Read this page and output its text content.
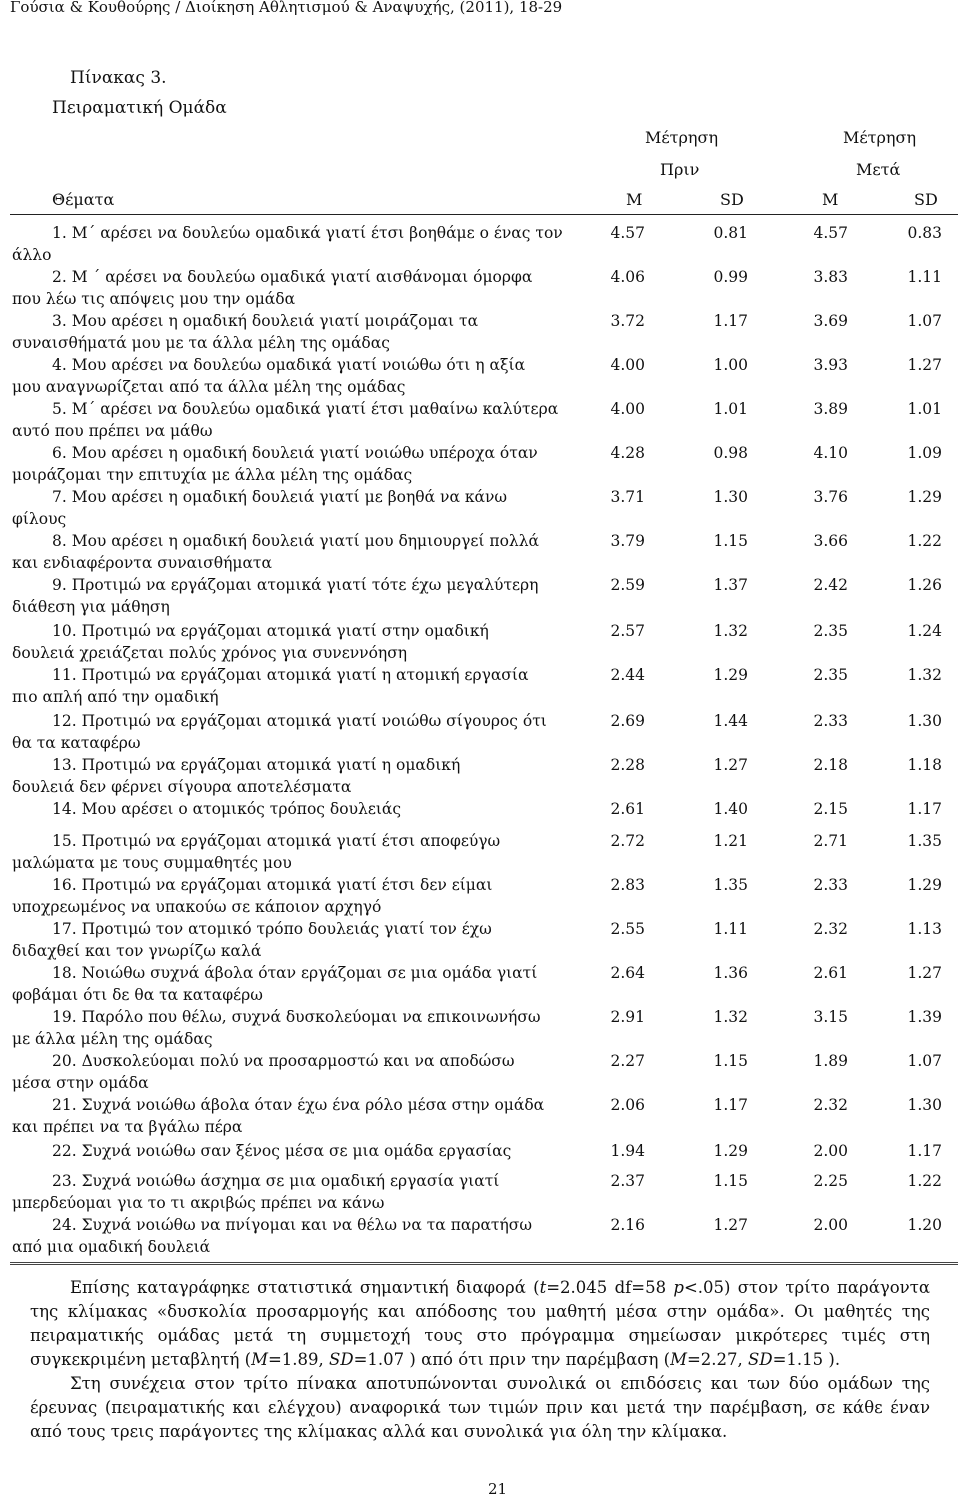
Γούσια & Κουθούρης / Διοίκηση Αθλητισμού & Αναψυχής, (2011), 18-29
Πίνακας 3.
Πειραματική Ομάδα
Μέτρηση
Πριν
Μέτρηση
Μετά
Θέματα	M	SD	M	SD
1. Μ΄ αρέσει να δουλεύω ομαδικά γιατί έτσι βοηθάμε ο ένας τον
άλλο
4.57	0.81	4.57	0.83
2. Μ ΄ αρέσει να δουλεύω ομαδικά γιατί αισθάνομαι όμορφα
που λέω τις απόψεις μου την ομάδα
4.06	0.99	3.83	1.11
3. Μου αρέσει η ομαδική δουλειά γιατί μοιράζομαι τα
συναισθήματά μου με τα άλλα μέλη της ομάδας
3.72	1.17	3.69	1.07
4. Μου αρέσει να δουλεύω ομαδικά γιατί νοιώθω ότι η αξία
μου αναγνωρίζεται από τα άλλα μέλη της ομάδας
4.00	1.00	3.93	1.27
5. Μ΄ αρέσει να δουλεύω ομαδικά γιατί έτσι μαθαίνω καλύτερα
αυτό που πρέπει να μάθω
4.00	1.01	3.89	1.01
6. Μου αρέσει η ομαδική δουλειά γιατί νοιώθω υπέροχα όταν
μοιράζομαι την επιτυχία με άλλα μέλη της ομάδας
4.28	0.98	4.10	1.09
7. Μου αρέσει η ομαδική δουλειά γιατί με βοηθά να κάνω
φίλους
3.71	1.30	3.76	1.29
8. Μου αρέσει η ομαδική δουλειά γιατί μου δημιουργεί πολλά
και ενδιαφέροντα συναισθήματα
3.79	1.15	3.66	1.22
9. Προτιμώ να εργάζομαι ατομικά γιατί τότε έχω μεγαλύτερη
διάθεση για μάθηση
2.59	1.37	2.42	1.26
10. Προτιμώ να εργάζομαι ατομικά γιατί στην ομαδική
δουλειά χρειάζεται πολύς χρόνος για συνεννόηση
2.57	1.32	2.35	1.24
11. Προτιμώ να εργάζομαι ατομικά γιατί η ατομική εργασία
πιο απλή από την ομαδική
2.44	1.29	2.35	1.32
12. Προτιμώ να εργάζομαι ατομικά γιατί νοιώθω σίγουρος ότι
θα τα καταφέρω
2.69	1.44	2.33	1.30
13. Προτιμώ να εργάζομαι ατομικά γιατί η ομαδική
δουλειά δεν φέρνει σίγουρα αποτελέσματα
2.28	1.27	2.18	1.18
14. Μου αρέσει ο ατομικός τρόπος δουλειάς	2.61	1.40	2.15	1.17
15. Προτιμώ να εργάζομαι ατομικά γιατί έτσι αποφεύγω
μαλώματα με τους συμμαθητές μου
2.72	1.21	2.71	1.35
16. Προτιμώ να εργάζομαι ατομικά γιατί έτσι δεν είμαι
υποχρεωμένος να υπακούω σε κάποιον αρχηγό
2.83	1.35	2.33	1.29
17. Προτιμώ τον ατομικό τρόπο δουλειάς γιατί τον έχω
διδαχθεί και τον γνωρίζω καλά
2.55	1.11	2.32	1.13
18. Νοιώθω συχνά άβολα όταν εργάζομαι σε μια ομάδα γιατί
φοβάμαι ότι δε θα τα καταφέρω
2.64	1.36	2.61	1.27
19. Παρόλο που θέλω, συχνά δυσκολεύομαι να επικοινωνήσω
με άλλα μέλη της ομάδας
2.91	1.32	3.15	1.39
20. Δυσκολεύομαι πολύ να προσαρμοστώ και να αποδώσω
μέσα στην ομάδα
2.27	1.15	1.89	1.07
21. Συχνά νοιώθω άβολα όταν έχω ένα ρόλο μέσα στην ομάδα
και πρέπει να τα βγάλω πέρα
2.06	1.17	2.32	1.30
22. Συχνά νοιώθω σαν ξένος μέσα σε μια ομάδα εργασίας	1.94	1.29	2.00	1.17
23. Συχνά νοιώθω άσχημα σε μια ομαδική εργασία γιατί
μπερδεύομαι για το τι ακριβώς πρέπει να κάνω
2.37	1.15	2.25	1.22
24. Συχνά νοιώθω να πνίγομαι και να θέλω να τα παρατήσω
από μια ομαδική δουλειά
2.16	1.27	2.00	1.20

Επίσης καταγράφηκε στατιστικά σημαντική διαφορά (t=2.045 df=58 p<.05) στον τρίτο παράγοντα της κλίμακας «δυσκολία προσαρμογής και απόδοσης του μαθητή μέσα στην ομάδα». Οι μαθητές της πειραματικής ομάδας μετά τη συμμετοχή τους στο πρόγραμμα σημείωσαν μικρότερες τιμές στη συγκεκριμένη μεταβλητή (M=1.89, SD=1.07 ) από ότι πριν την παρέμβαση (M=2.27, SD=1.15 ).

Στη συνέχεια στον τρίτο πίνακα αποτυπώνονται συνολικά οι επιδόσεις και των δύο ομάδων της έρευνας (πειραματικής και ελέγχου) αναφορικά των τιμών πριν και μετά την παρέμβαση, σε κάθε έναν από τους τρεις παράγοντες της κλίμακας αλλά και συνολικά για όλη την κλίμακα.

21
